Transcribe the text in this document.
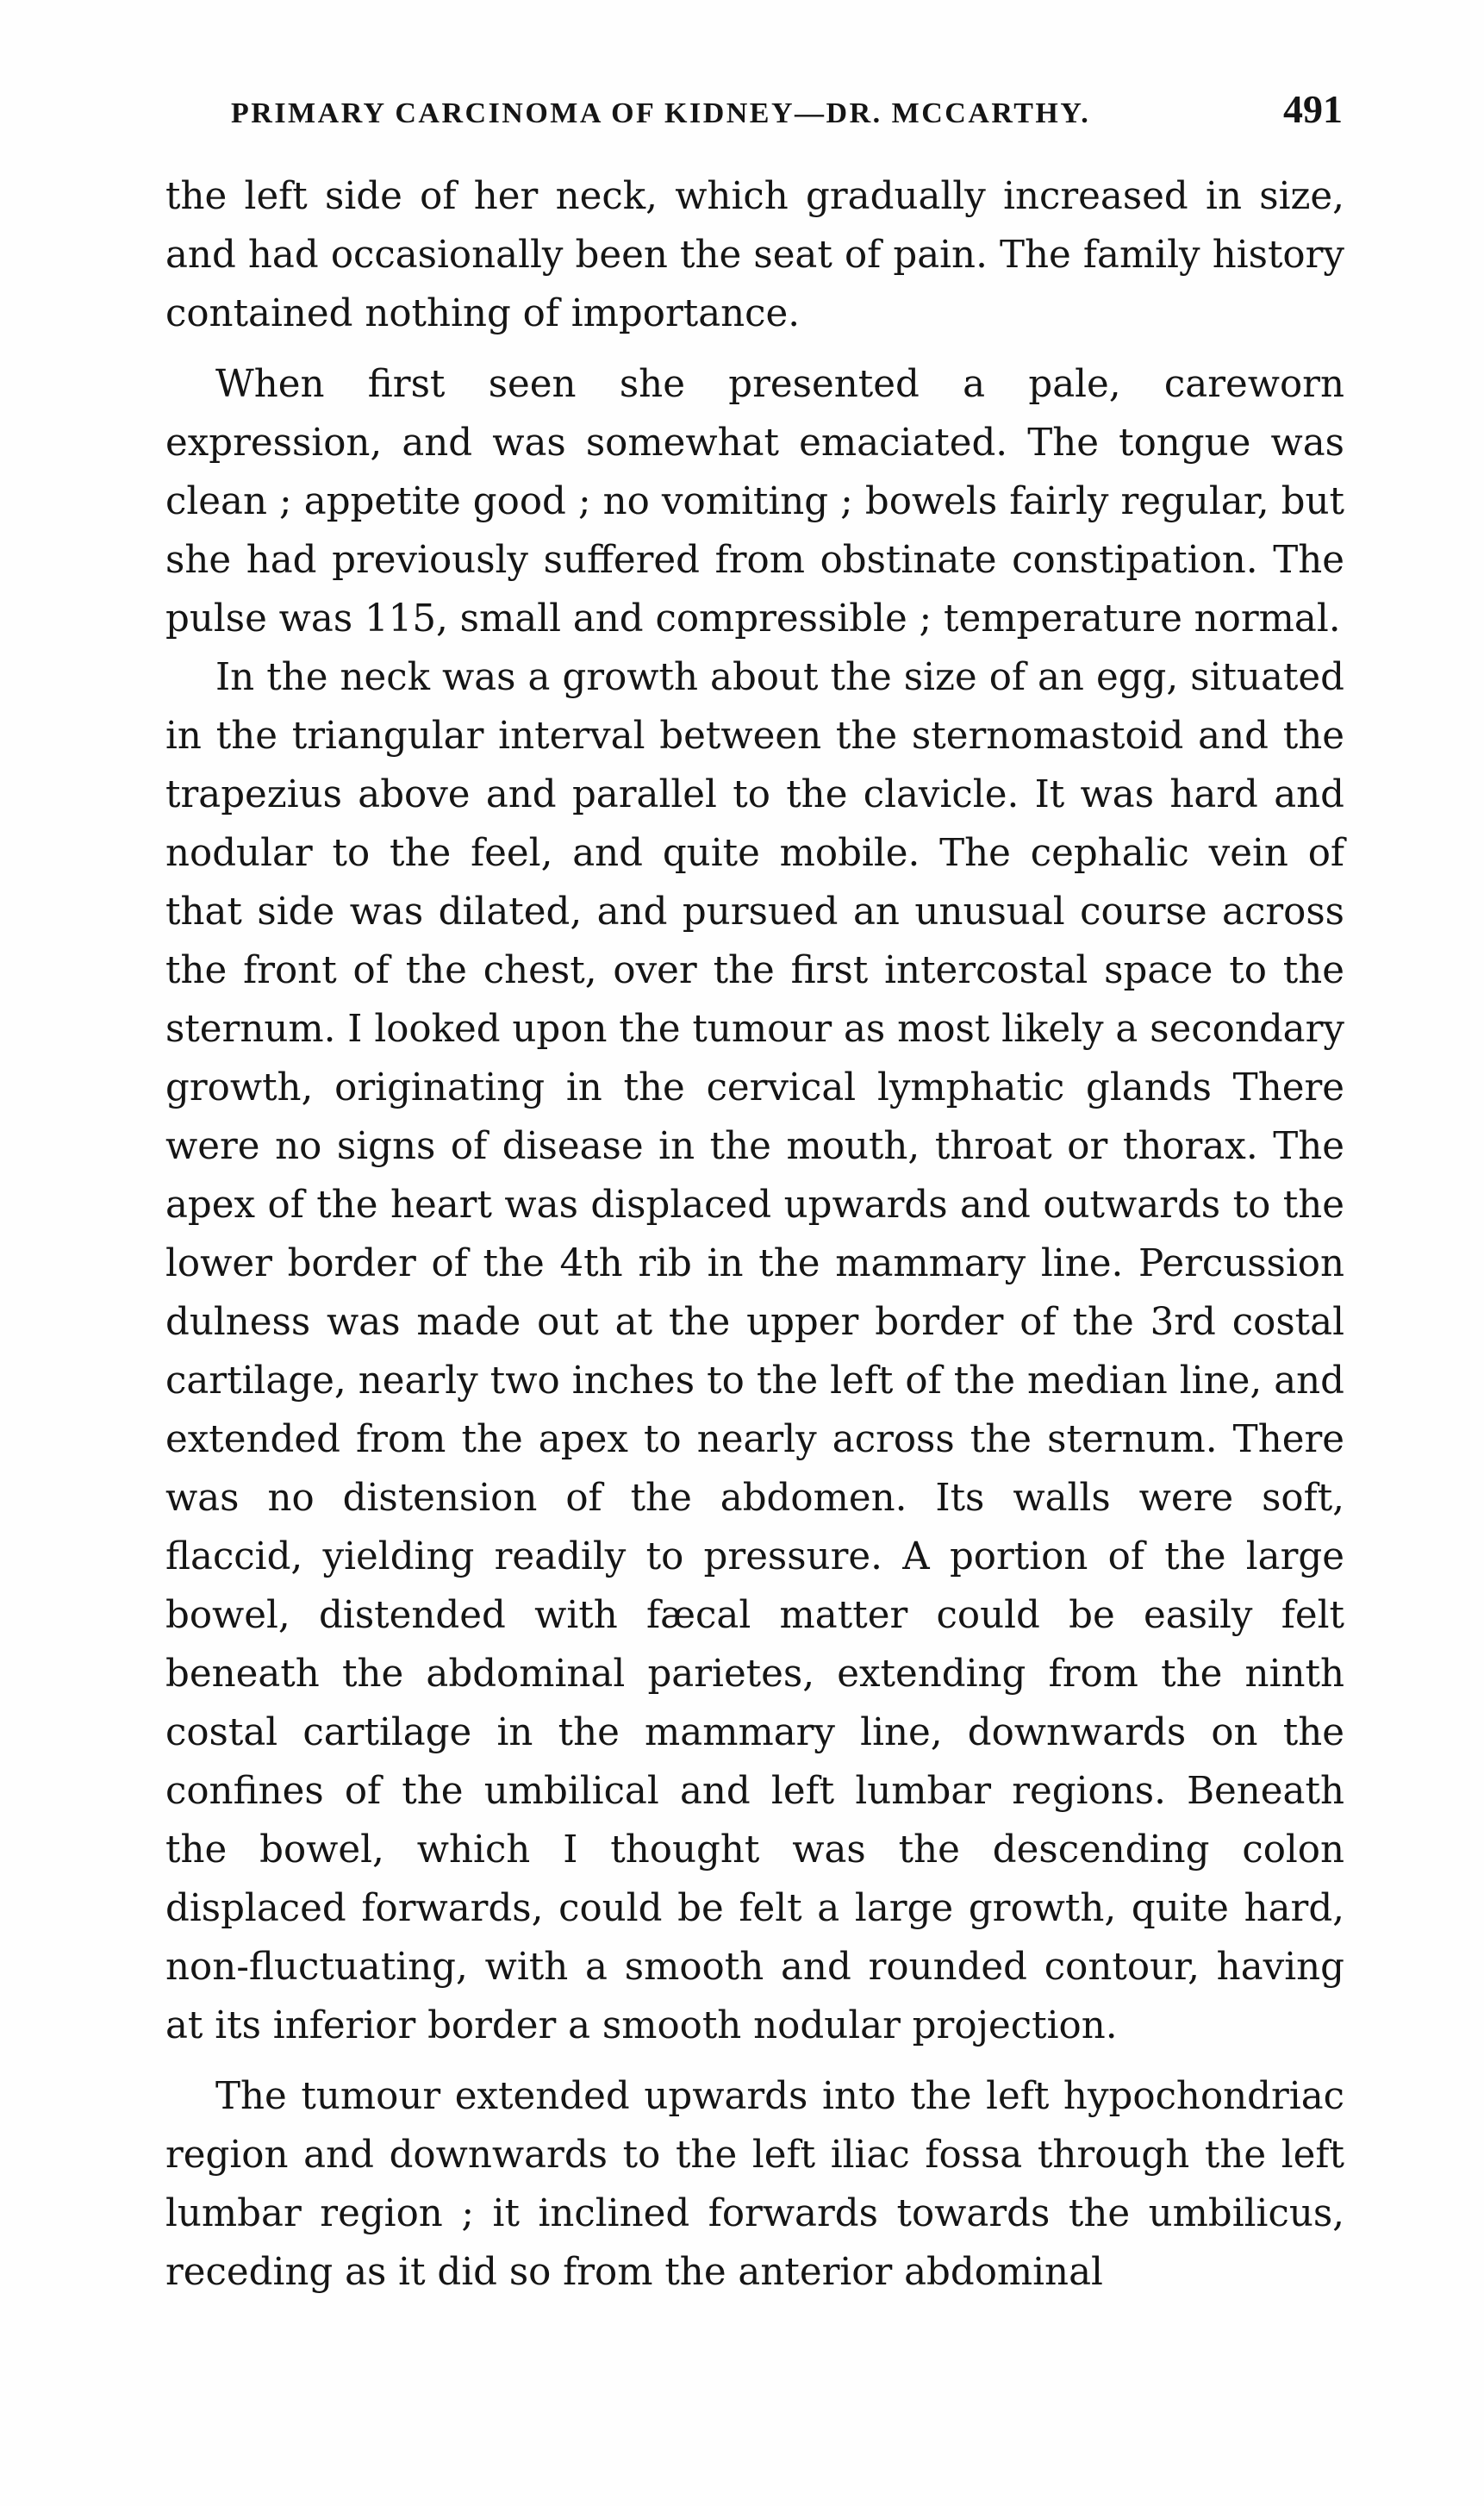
PRIMARY CARCINOMA OF KIDNEY—DR. MCCARTHY.	491

the left side of her neck, which gradually increased in size, and had occasionally been the seat of pain. The family history contained nothing of importance.

When first seen she presented a pale, careworn expression, and was somewhat emaciated. The tongue was clean ; appetite good ; no vomiting ; bowels fairly regular, but she had previously suffered from obstinate constipation. The pulse was 115, small and compressible ; temperature normal.

In the neck was a growth about the size of an egg, situated in the triangular interval between the sternomastoid and the trapezius above and parallel to the clavicle. It was hard and nodular to the feel, and quite mobile. The cephalic vein of that side was dilated, and pursued an unusual course across the front of the chest, over the first intercostal space to the sternum. I looked upon the tumour as most likely a secondary growth, originating in the cervical lymphatic glands There were no signs of disease in the mouth, throat or thorax. The apex of the heart was displaced upwards and outwards to the lower border of the 4th rib in the mammary line. Percussion dulness was made out at the upper border of the 3rd costal cartilage, nearly two inches to the left of the median line, and extended from the apex to nearly across the sternum. There was no distension of the abdomen. Its walls were soft, flaccid, yielding readily to pressure. A portion of the large bowel, distended with fæcal matter could be easily felt beneath the abdominal parietes, extending from the ninth costal cartilage in the mammary line, downwards on the confines of the umbilical and left lumbar regions. Beneath the bowel, which I thought was the descending colon displaced forwards, could be felt a large growth, quite hard, non-fluctuating, with a smooth and rounded contour, having at its inferior border a smooth nodular projection.

The tumour extended upwards into the left hypochondriac region and downwards to the left iliac fossa through the left lumbar region ; it inclined forwards towards the umbilicus, receding as it did so from the anterior abdominal
